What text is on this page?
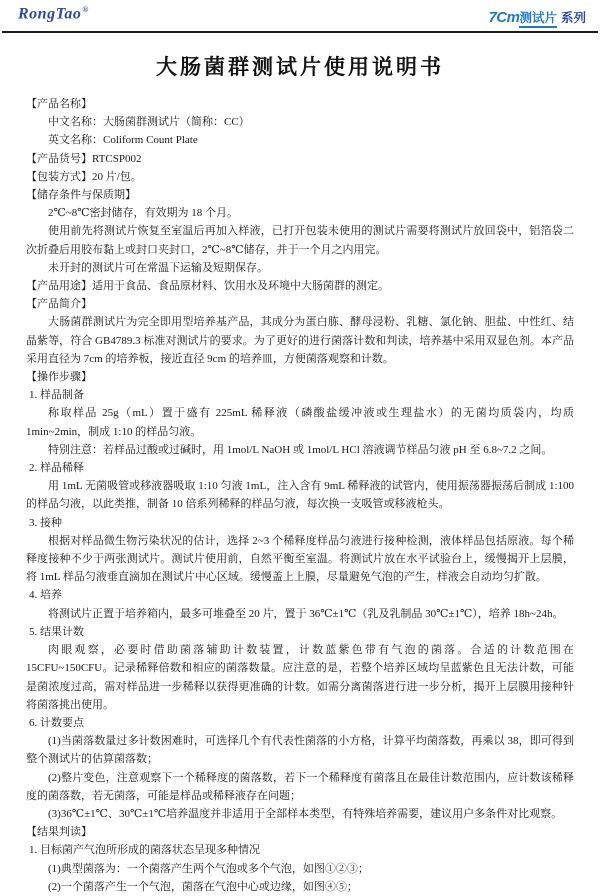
RongTao®	7Cm测试片 系列
大肠菌群测试片使用说明书

【产品名称】

中文名称：大肠菌群测试片（简称：CC）

英文名称：Coliform Count Plate

【产品货号】RTCSP002

【包装方式】20 片/包。

【储存条件与保质期】

2℃~8℃密封储存，有效期为 18 个月。

使用前先将测试片恢复至室温后再加入样液，已打开包装未使用的测试片需要将测试片放回袋中，铝箔袋二次折叠后用胶布黏上或封口夹封口，2℃~8℃储存，并于一个月之内用完。

未开封的测试片可在常温下运输及短期保存。

【产品用途】适用于食品、食品原材料、饮用水及环境中大肠菌群的测定。

【产品简介】

大肠菌群测试片为完全即用型培养基产品，其成分为蛋白胨、酵母浸粉、乳糖、氯化钠、胆盐、中性红、结晶紫等，符合 GB4789.3 标准对测试片的要求。为了更好的进行菌落计数和判读，培养基中采用双显色剂。本产品采用直径为 7cm 的培养板，接近直径 9cm 的培养皿，方便菌落观察和计数。

【操作步骤】

1. 样品制备

称取样品 25g（mL）置于盛有 225mL 稀释液（磷酸盐缓冲液或生理盐水）的无菌均质袋内，均质 1min~2min，制成 1:10 的样品匀液。

特别注意：若样品过酸或过碱时，用 1mol/L NaOH 或 1mol/L HCl 溶液调节样品匀液 pH 至 6.8~7.2 之间。

2. 样品稀释

用 1mL 无菌吸管或移液器吸取 1:10 匀液 1mL，注入含有 9mL 稀释液的试管内，使用振荡器振荡后制成 1:100 的样品匀液，以此类推，制备 10 倍系列稀释的样品匀液，每次换一支吸管或移液枪头。

3. 接种

根据对样品微生物污染状况的估计，选择 2~3 个稀释度样品匀液进行接种检测，液体样品包括原液。每个稀释度接种不少于两张测试片。测试片使用前，自然平衡至室温。将测试片放在水平试验台上，缓慢揭开上层膜，将 1mL 样品匀液垂直滴加在测试片中心区域。缓慢盖上上膜，尽量避免气泡的产生，样液会自动均匀扩散。

4. 培养

将测试片正置于培养箱内，最多可堆叠至 20 片，置于 36℃±1℃（乳及乳制品 30℃±1℃），培养 18h~24h。

5. 结果计数

肉眼观察，必要时借助菌落辅助计数装置，计数蓝紫色带有气泡的菌落。合适的计数范围在 15CFU~150CFU。记录稀释倍数和相应的菌落数量。应注意的是，若整个培养区域均呈蓝紫色且无法计数，可能是菌浓度过高，需对样品进一步稀释以获得更准确的计数。如需分离菌落进行进一步分析，揭开上层膜用接种针将菌落挑出使用。

6. 计数要点

(1)当菌落数量过多计数困难时，可选择几个有代表性菌落的小方格，计算平均菌落数，再乘以 38，即可得到整个测试片的估算菌落数；

(2)整片变色，注意观察下一个稀释度的菌落数，若下一个稀释度有菌落且在最佳计数范围内，应计数该稀释度的菌落数，若无菌落，可能是样品或稀释液存在问题；

(3)36℃±1℃、30℃±1℃培养温度并非适用于全部样本类型，有特殊培养需要，建议用户多条件对比观察。

【结果判读】

1. 目标菌产气泡所形成的菌落状态呈现多种情况

(1)典型菌落为：一个菌落产生两个气泡或多个气泡，如图①②③；

(2)一个菌落产生一个气泡，菌落在气泡中心或边缘，如图④⑤；
